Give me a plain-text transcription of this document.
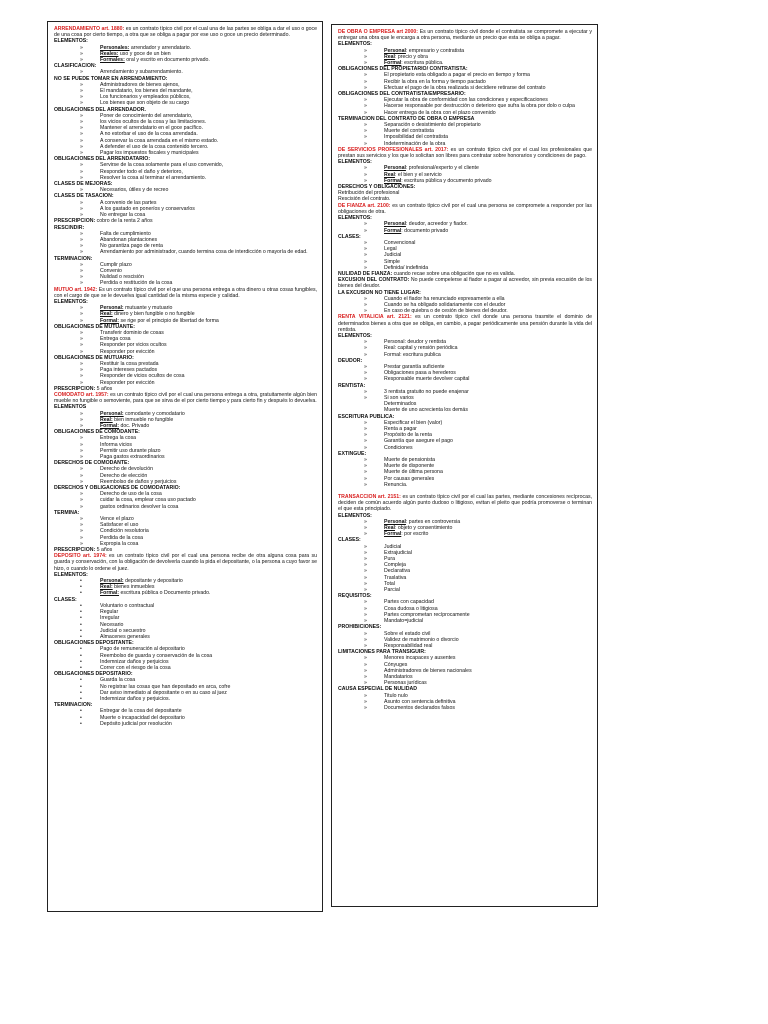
ARRENDAMIENTO art. 1880: es un contrato típico civil por el cual una de las partes se obliga a dar el uso o goce de una cosa por cierto tiempo, a otra que se obliga a pagar por ese uso o goce un precio determinado.

ELEMENTOS:
» Personales: arrendador y arrendatario.
» Reales: uso y goce de un bien
» Formales: oral y escrito en documento privado.
CLASIFICACION:
» Arrendamiento y subarrendamiento.
NO SE PUEDE TOMAR EN ARRENDAMIENTO:
» Administradores de bienes ajenos,
» El mandatario, los bienes del mandante,
» Los funcionarios y empleados públicos,
» Los bienes que son objeto de su cargo
OBLIGACIONES DEL ARRENDADOR.
» Poner de conocimiento del arrendatario,
» los vicios ocultos de la cosa y las limitaciones.
» Mantener el arrendatario en el goce pacífico.
» A no estorbar el uso de la cosa arrendada.
» A conservar la cosa arrendada en el mismo estado.
» A defender el uso de la cosa contenido tercero.
» Pagar los impuestos fiscales y municipales
OBLIGACIONES DEL ARRENDATARIO:
» Servirse de la cosa solamente para el uso convenido,
» Responder todo el daño y deterioro,
» Resolver la cosa al terminar el arrendamiento.
CLASES DE MEJORAS:
» Necesarios, útiles y de recreo
CLASES DE TASACION:
» A convenio de las partes
» A los gastado en poneríos y conservarlos
» No entregar la cosa

PRESCRIPCION: cobro de la renta 2 años

RESCINDIR:
» Falta de cumplimiento
» Abandonan plantaciones
» No garantiza pago de renta
» Arrendamiento por administrador, cuando termina cosa de interdicción o mayoría de edad.
TERMINACION:
» Cumplir plazo
» Convenio
» Nulidad o rescisión
» Perdida o restitución de la cosa

MUTUO art. 1942: Es un contrato típico civil por el que una persona entrega a otra dinero u otras cosas fungibles, con el cargo de que se le devuelva igual cantidad de la misma especie y calidad.

ELEMENTOS:
» Personal: mutuante y mutuario
» Real: dinero y bien fungible o no fungible
» Formal: se rige por el principio de libertad de forma
OBLIGACIONES DE MUTUANTE:
» Transferir dominio de cosas
» Entrega cosa
» Responder por vicios ocultos
» Responder por evicción
OBLIGACIONES DE MUTUARIO:
» Restituir la cosa prestada
» Paga intereses pactados
» Responder de vicios ocultos de cosa
» Responder por evicción

PRESCRIPCION: 5 años

COMODATO art. 1957: es un contrato típico civil por el cual una persona entrega a otra, gratuitamente algún bien mueble no fungible o semoviente, para que se sirva de el por cierto tiempo y para cierto fin y después lo devuelva.

ELEMENTOS
» Personal: comodante y comodatario
» Real: bien inmueble no fungible
» Formal: doc. Privado
OBLIGACIONES DE COMODANTE:
» Entrega la cosa
» Informa vicios
» Permitir uso durante plazo
» Paga gastos extraordinarios
DERECHOS DE COMODANTE:
» Derecho de devolución
» Derecho de elección
» Reembolso de daños y perjuicios
DERECHOS Y OBLIGACIONES DE COMODATARIO:
» Derecho de uso de la cosa
» cuidar la cosa, emplear cosa uso pactado
» gastos ordinarios devolver la cosa
TERMINA:
» Vence el plazo
» Satisfacer el uso
» Condición resolutoria
» Perdida de la cosa
» Expropia la cosa

PRESCRIPCION: 5 años

DEPOSITO art. 1974: es un contrato típico civil por el cual una persona recibe de otra alguna cosa para su guarda y conservación, con la obligación de devolverla cuando la pida el depositante, o la persona a cuyo favor se hizo, o cuando lo ordene el juez.

ELEMENTOS:
• Personal: depositante y depositario
• Real: bienes inmuebles
• Formal: escritura pública o Documento privado.
CLASES:
• Voluntario o contractual
• Regular
• Irregular
• Necesario
• Judicial o secuestro
• Almacenes generales
OBLIGACIONES DEPOSITANTE:
• Pago de remuneración al depositario
• Reembolso de guarda y conservación de la cosa
• Indemnizar daños y perjuicios
• Correr con el riesgo de la cosa
OBLIGACIONES DEPOSITARIO:
• Guarda la cosa
• No registrar las cosas que han depositado en arca, cofre
• Dar aviso inmediato al depositante o en su caso al juez
• Indemnizar daños y perjuicios.
TERMINACION:
• Entregar de la cosa del depositante
• Muerte o incapacidad del depositario
• Depósito judicial por resolución

DE OBRA O EMPRESA art 2000: Es un contrato típico civil donde el contratista se compromete a ejecutar y entregar una obra que le encarga a otra persona, mediante un precio que esta se obliga a pagar.

ELEMENTOS:
» Personal: empresario y contratista
» Real: precio y obra
» Formal: escritura pública.
OBLIGACIONES DEL PROPIETARIO/ CONTRATISTA:
» El propietario esta obligado a pagar el precio en tiempo y forma
» Recibir la obra en la forma y tiempo pactado
» Efectuar el pago de la obra realizada si decidiere retirarse del contrato
OBLIGACIONES DEL CONTRATISTA/EMPRESARIO:
» Ejecutar la obra de conformidad con las condiciones y especificaciones
» Hacerse responsable por destrucción o deterioro que sufra la obra por dolo o culpa
» Hacer entrega de la obra con el plazo convenido
TERMINACION DEL CONTRATO DE OBRA O EMPRESA
» Separación o desistimiento del propietario
» Muerte del contratista
» Imposibilidad del contratista
» Indeterminación de la obra

DE SERVICIOS PROFESIONALES art. 2017: es un contrato típico civil por el cual los profesionales que prestan sus servicios y los que lo solicitan son libres para contratar sobre honorarios y condiciones de pago.

ELEMENTOS:
» Personal: profesional/experto y el cliente
» Real: el bien y el servicio
» Formal: escritura pública y documento privado
DERECHOS Y OBLIGACIONES:
Retribución del profesional
Rescisión del contrato.

DE FIANZA art. 2100: es un contrato típico civil por el cual una persona se compromete a responder por las obligaciones de otra.

ELEMENTOS:
» Personal: deudor, acreedor y fiador.
» Formal: documento privado
CLASES:
» Convencional
» Legal
» Judicial
» Simple
» Definida/ indefinida

NULIDAD DE FIANZA: cuando recae sobre una obligación que no es valida.

EXCUSION DEL CONTRATO: No puede compelerse al fiador a pagar al acreedor, sin previa excusión de los bienes del deudor.

LA EXCUSION NO TIENE LUGAR:
» Cuando el fiador ha renunciado expresamente a ella
» Cuando se ha obligado solidariamente con el deudor
» En caso de quiebra o de cesión de bienes del deudor.

RENTA VITALICIA art. 2121: es un contrato típico civil donde una persona trasmite el dominio de determinados bienes a otra que se obliga, en cambio, a pagar periódicamente una pensión durante la vida del rentista.

ELEMENTOS:
» Personal: deudor y rentista
» Real: capital y rensión periódica
» Formal: escritura publica
DEUDOR:
» Prestar garantía suficiente
» Obligaciones pasa a herederos
» Responsable muerte devolver capital
RENTISTA:
» 3 rentista gratuito no puede enajenar
» Si son varios
Determinados
Muerte de uno acrecienta los demás
ESCRITURA PUBLICA:
» Especificar el bien (valor)
» Renta a pagar
» Propósito de la renta
» Garantía que asegure el pago
» Condiciones
EXTINGUE:
» Muerte de pensionista
» Muerte de disponente
» Muerte de última persona
» Por causas generales
» Renuncia.

TRANSACCION art. 2151: es un contrato típico civil por el cual las partes, mediante concesiones recíprocas, deciden de común acuerdo algún punto dudoso o litigioso, evitan el pleito que podría promoverse o terminan el que esta principiado.

ELEMENTOS:
» Personal: partes en controversia
» Real: objeto y consentimiento
» Formal: por escrito
CLASES:
» Judicial
» Extrajudicial
» Pura
» Compleja
» Declarativa
» Traslativa
» Total
» Parcial
REQUISITOS:
» Partes con capacidad
» Cosa dudosa o litigiosa
» Partes comprometan recíprocamente
» Mandato=judicial
PROHIBICIONES:
» Sobre el estado civil
» Validez de matrimonio o divorcio
» Responsabilidad real
LIMITACIONES PARA TRANSIGUIR:
» Menores incapaces y ausentes
» Cónyuges
» Administradores de bienes nacionales
» Mandatarios
» Personas jurídicas
CAUSA ESPECIAL DE NULIDAD
» Titulo nulo
» Asunto con sentencia definitiva
» Documentos declarados falsos
